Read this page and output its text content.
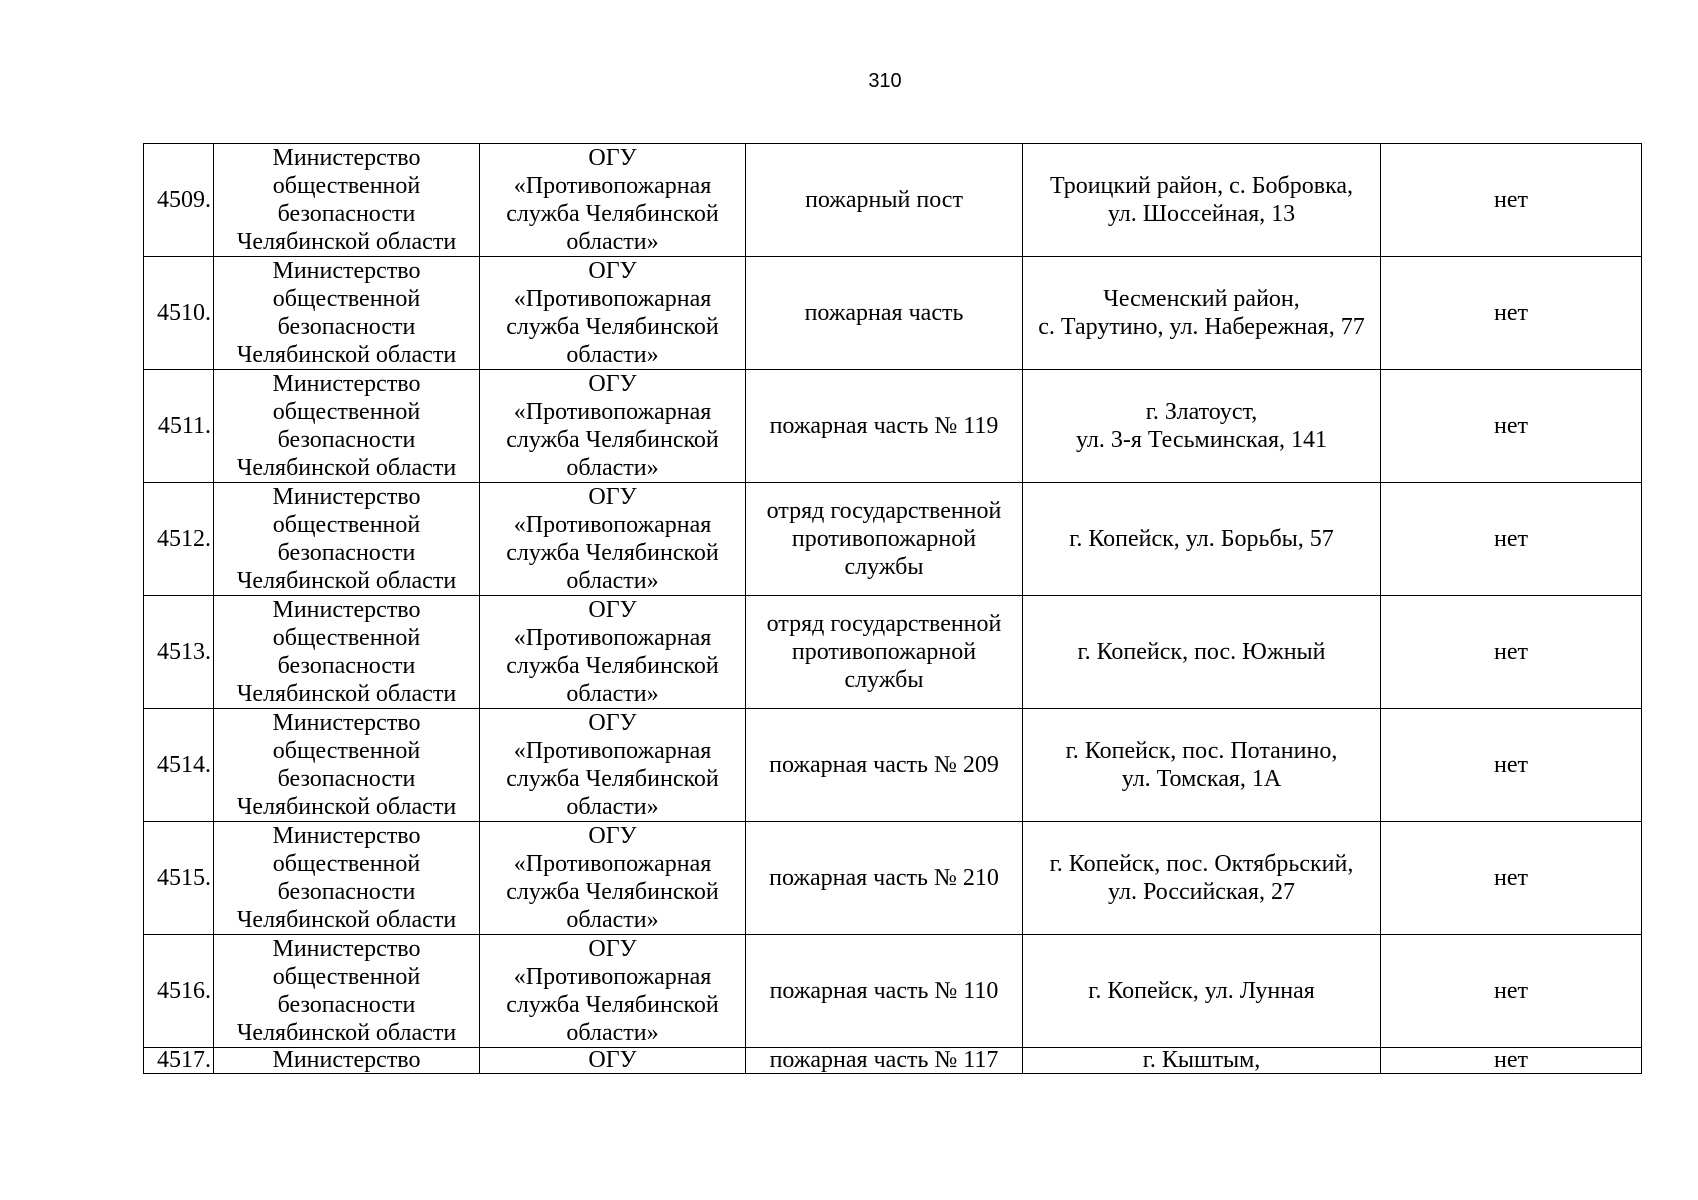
310
4509.	Министерство
общественной
безопасности
Челябинской области	ОГУ
«Противопожарная
служба Челябинской
области»	пожарный пост	Троицкий район, с. Бобровка,
ул. Шоссейная, 13	нет
4510.	Министерство
общественной
безопасности
Челябинской области	ОГУ
«Противопожарная
служба Челябинской
области»	пожарная часть	Чесменский район,
с. Тарутино, ул. Набережная, 77	нет
4511.	Министерство
общественной
безопасности
Челябинской области	ОГУ
«Противопожарная
служба Челябинской
области»	пожарная часть № 119	г. Златоуст,
ул. 3-я Тесьминская, 141	нет
4512.	Министерство
общественной
безопасности
Челябинской области	ОГУ
«Противопожарная
служба Челябинской
области»	отряд государственной
противопожарной
службы	г. Копейск, ул. Борьбы, 57	нет
4513.	Министерство
общественной
безопасности
Челябинской области	ОГУ
«Противопожарная
служба Челябинской
области»	отряд государственной
противопожарной
службы	г. Копейск, пос. Южный	нет
4514.	Министерство
общественной
безопасности
Челябинской области	ОГУ
«Противопожарная
служба Челябинской
области»	пожарная часть № 209	г. Копейск, пос. Потанино,
ул. Томская, 1А	нет
4515.	Министерство
общественной
безопасности
Челябинской области	ОГУ
«Противопожарная
служба Челябинской
области»	пожарная часть № 210	г. Копейск, пос. Октябрьский,
ул. Российская, 27	нет
4516.	Министерство
общественной
безопасности
Челябинской области	ОГУ
«Противопожарная
служба Челябинской
области»	пожарная часть № 110	г. Копейск, ул. Лунная	нет
4517.	Министерство	ОГУ	пожарная часть № 117	г. Кыштым,	нет
